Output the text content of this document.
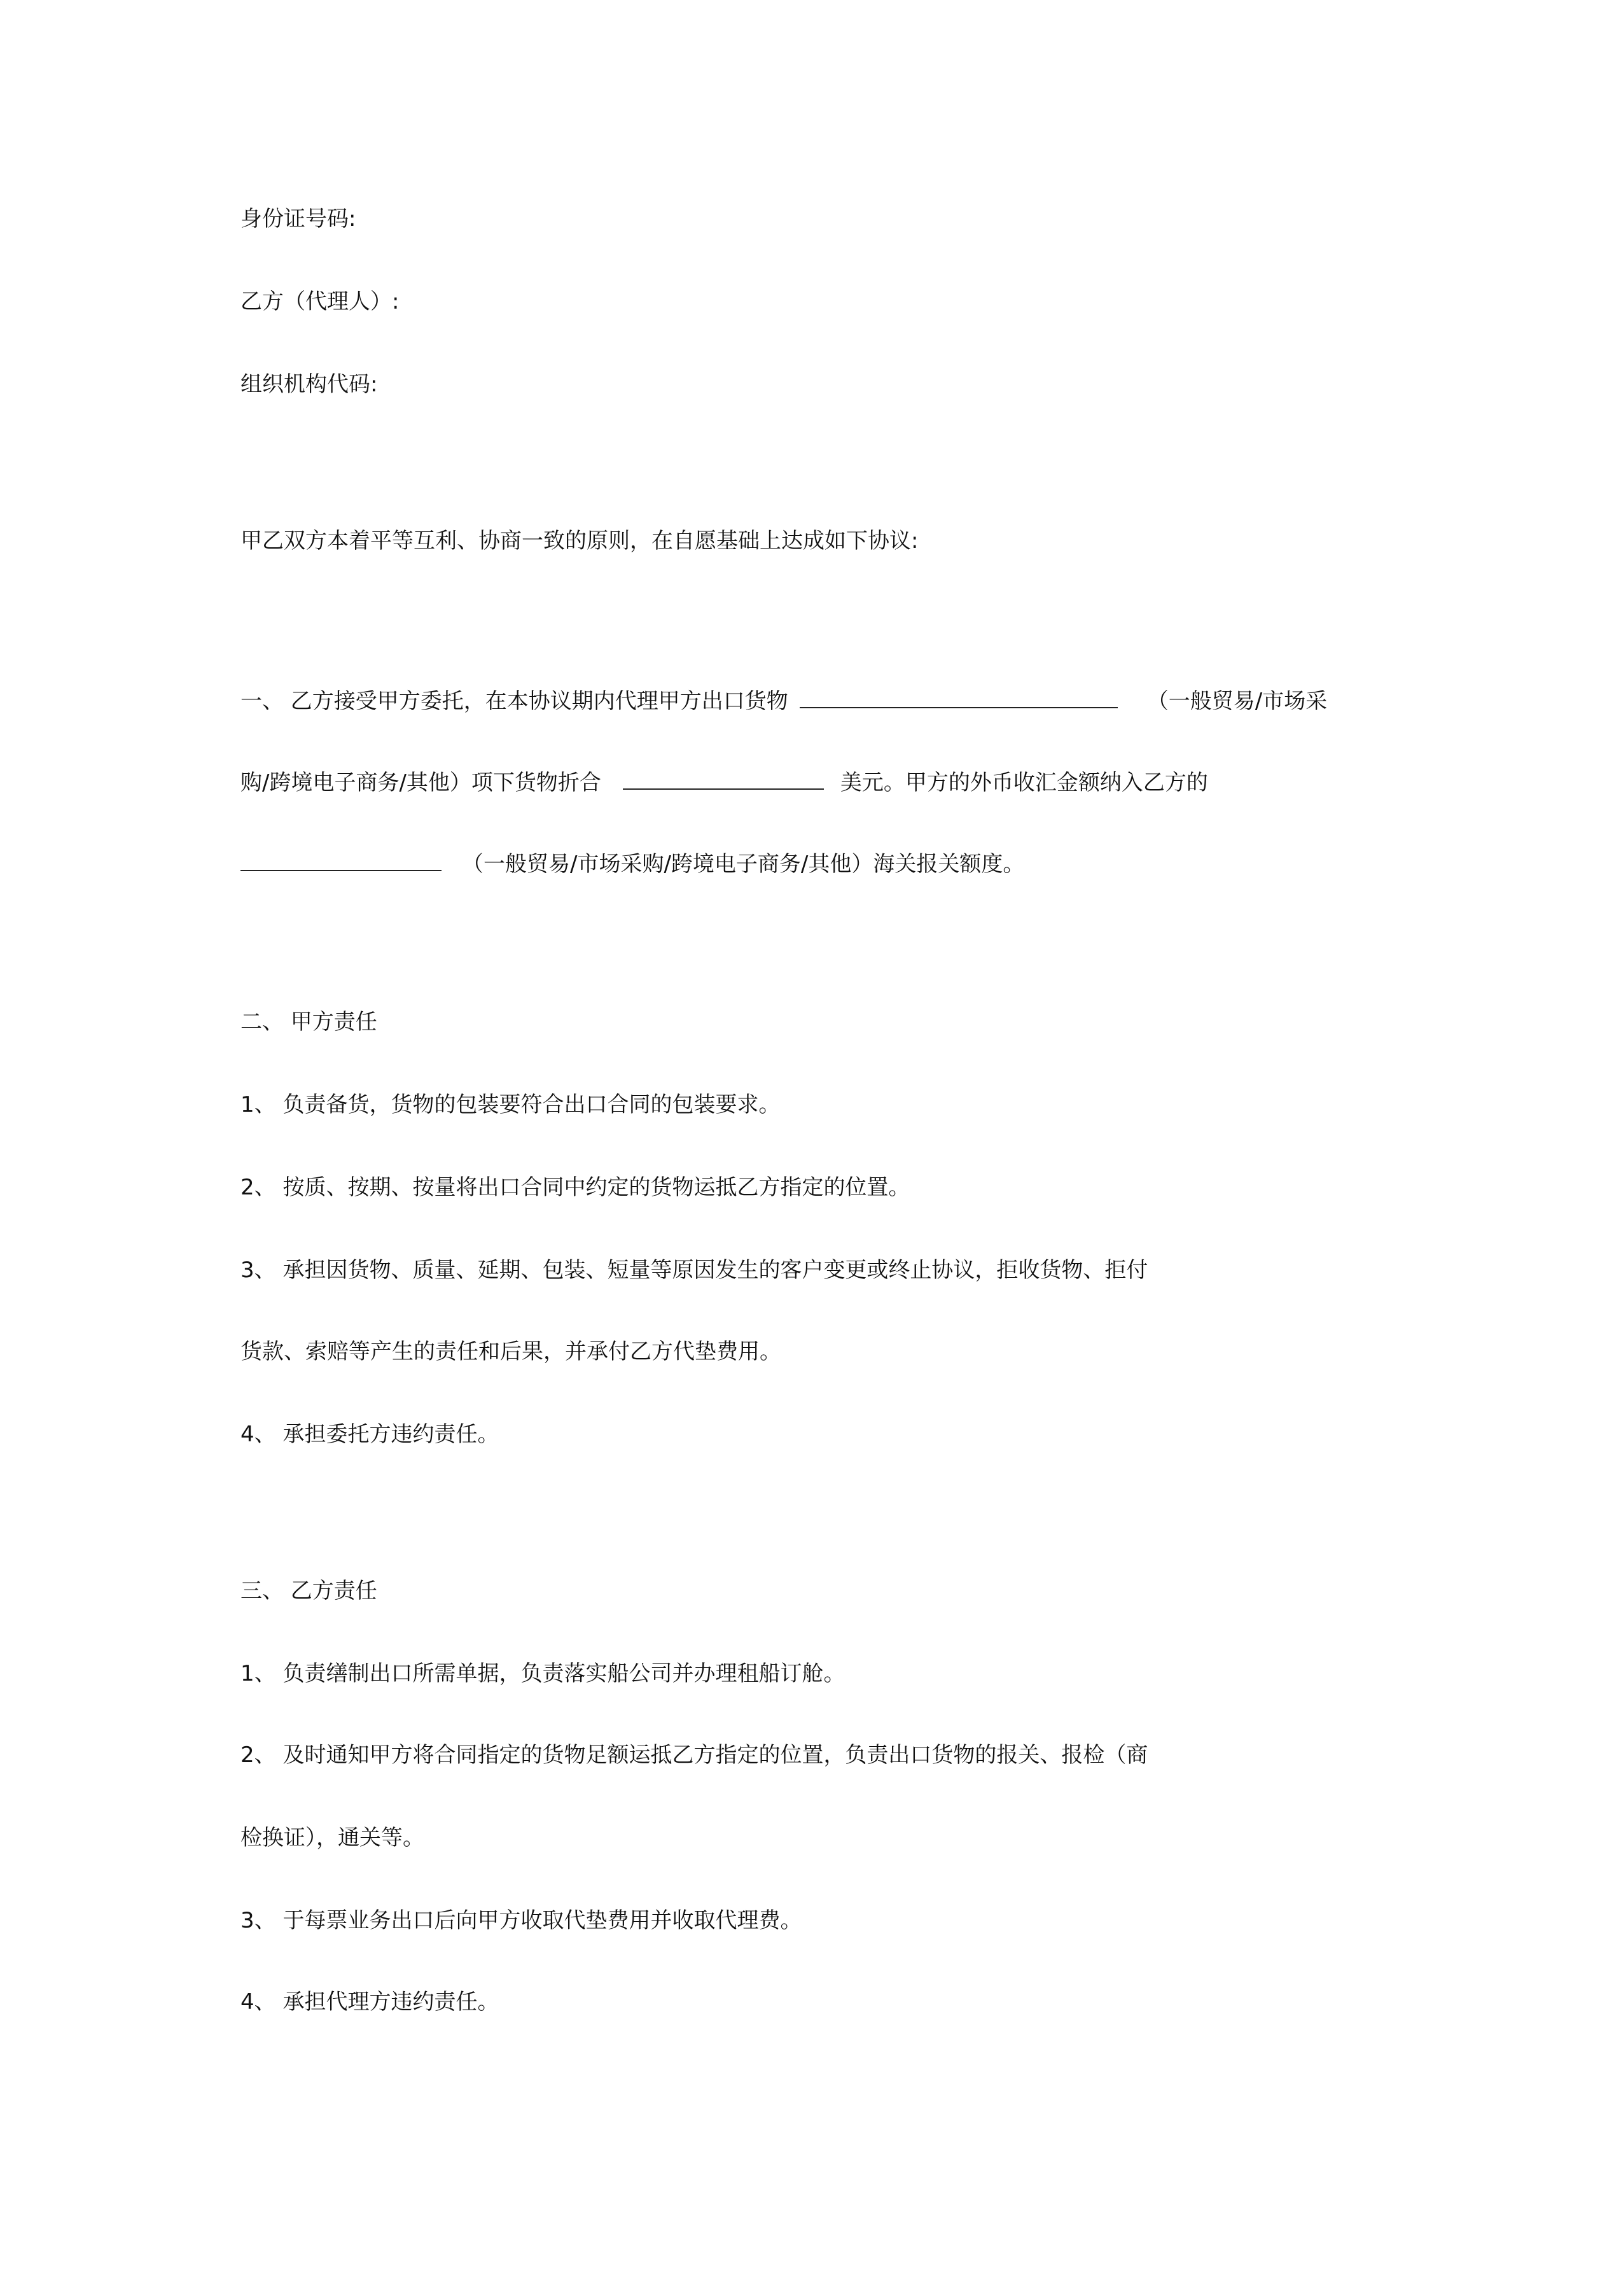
身份证号码:
乙方（代理人）:
组织机构代码:
甲乙双方本着平等互利、协商一致的原则，在自愿基础上达成如下协议:
一、 乙方接受甲方委托，在本协议期内代理甲方出口货物	（一般贸易/市场采
购/跨境电子商务/其他）项下货物折合	美元。甲方的外币收汇金额纳入乙方的
（一般贸易/市场采购/跨境电子商务/其他）海关报关额度。
二、 甲方责任
1、 负责备货，货物的包装要符合出口合同的包装要求。
2、 按质、按期、按量将出口合同中约定的货物运抵乙方指定的位置。
3、 承担因货物、质量、延期、包装、短量等原因发生的客户变更或终止协议，拒收货物、拒付
货款、索赔等产生的责任和后果，并承付乙方代垫费用。
4、 承担委托方违约责任。
三、 乙方责任
1、 负责缮制出口所需单据，负责落实船公司并办理租船订舱。
2、 及时通知甲方将合同指定的货物足额运抵乙方指定的位置，负责出口货物的报关、报检（商
检换证），通关等。
3、 于每票业务出口后向甲方收取代垫费用并收取代理费。
4、 承担代理方违约责任。
